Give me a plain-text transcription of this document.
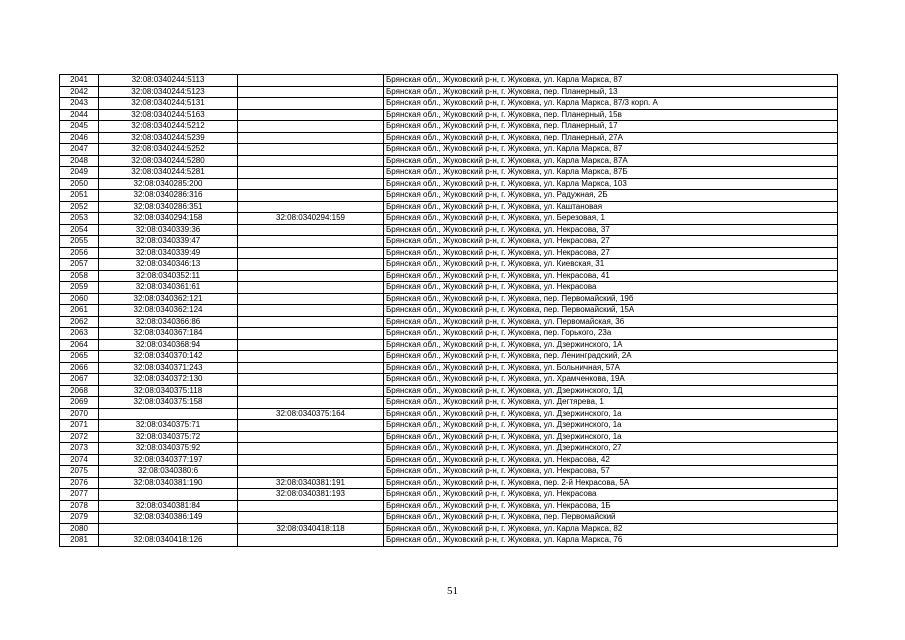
2041	32:08:0340244:5113		Брянская обл., Жуковский р-н, г. Жуковка, ул. Карла Маркса, 87
2042	32:08:0340244:5123		Брянская обл., Жуковский р-н, г. Жуковка, пер. Планерный, 13
2043	32:08:0340244:5131		Брянская обл., Жуковский р-н, г. Жуковка, ул. Карла Маркса, 87/3 корп. А
2044	32:08:0340244:5163		Брянская обл., Жуковский р-н, г. Жуковка, пер. Планерный, 15в
2045	32:08:0340244:5212		Брянская обл., Жуковский р-н, г. Жуковка, пер. Планерный, 17
2046	32:08:0340244:5239		Брянская обл., Жуковский р-н, г. Жуковка, пер. Планерный, 27А
2047	32:08:0340244:5252		Брянская обл., Жуковский р-н, г. Жуковка, ул. Карла Маркса, 87
2048	32:08:0340244:5280		Брянская обл., Жуковский р-н, г. Жуковка, ул. Карла Маркса, 87А
2049	32:08:0340244:5281		Брянская обл., Жуковский р-н, г. Жуковка, ул. Карла Маркса, 87Б
2050	32:08:0340285:200		Брянская обл., Жуковский р-н, г. Жуковка, ул. Карла Маркса, 103
2051	32:08:0340286:316		Брянская обл., Жуковский р-н, г. Жуковка, ул. Радужная, 2Б
2052	32:08:0340286:351		Брянская обл., Жуковский р-н, г. Жуковка, ул. Каштановая
2053	32:08:0340294:158	32:08:0340294:159	Брянская обл., Жуковский р-н, г. Жуковка, ул. Березовая, 1
2054	32:08:0340339:36		Брянская обл., Жуковский р-н, г. Жуковка, ул. Некрасова, 37
2055	32:08:0340339:47		Брянская обл., Жуковский р-н, г. Жуковка, ул. Некрасова, 27
2056	32:08:0340339:49		Брянская обл., Жуковский р-н, г. Жуковка, ул. Некрасова, 27
2057	32:08:0340346:13		Брянская обл., Жуковский р-н, г. Жуковка, ул. Киевская, 31
2058	32:08:0340352:11		Брянская обл., Жуковский р-н, г. Жуковка, ул. Некрасова, 41
2059	32:08:0340361:61		Брянская обл., Жуковский р-н, г. Жуковка, ул. Некрасова
2060	32:08:0340362:121		Брянская обл., Жуковский р-н, г. Жуковка, пер. Первомайский, 19б
2061	32:08:0340362:124		Брянская обл., Жуковский р-н, г. Жуковка, пер. Первомайский, 15А
2062	32:08:0340366:86		Брянская обл., Жуковский р-н, г. Жуковка, ул. Первомайская, 36
2063	32:08:0340367:184		Брянская обл., Жуковский р-н, г. Жуковка, пер. Горького, 23а
2064	32:08:0340368:94		Брянская обл., Жуковский р-н, г. Жуковка, ул. Дзержинского, 1А
2065	32:08:0340370:142		Брянская обл., Жуковский р-н, г. Жуковка, пер. Ленинградский, 2А
2066	32:08:0340371:243		Брянская обл., Жуковский р-н, г. Жуковка, ул. Больничная, 57А
2067	32:08:0340372:130		Брянская обл., Жуковский р-н, г. Жуковка, ул. Храмченкова, 19А
2068	32:08:0340375:118		Брянская обл., Жуковский р-н, г. Жуковка, ул. Дзержинского, 1Д
2069	32:08:0340375:158		Брянская обл., Жуковский р-н, г. Жуковка, ул. Дегтярева, 1
2070		32:08:0340375:164	Брянская обл., Жуковский р-н, г. Жуковка, ул. Дзержинского, 1а
2071	32:08:0340375:71		Брянская обл., Жуковский р-н, г. Жуковка, ул. Дзержинского, 1а
2072	32:08:0340375:72		Брянская обл., Жуковский р-н, г. Жуковка, ул. Дзержинского, 1а
2073	32:08:0340375:92		Брянская обл., Жуковский р-н, г. Жуковка, ул. Дзержинского, 27
2074	32:08:0340377:197		Брянская обл., Жуковский р-н, г. Жуковка, ул. Некрасова, 42
2075	32:08:0340380:6		Брянская обл., Жуковский р-н, г. Жуковка, ул. Некрасова, 57
2076	32:08:0340381:190	32:08:0340381:191	Брянская обл., Жуковский р-н, г. Жуковка, пер. 2-й Некрасова, 5А
2077		32:08:0340381:193	Брянская обл., Жуковский р-н, г. Жуковка, ул. Некрасова
2078	32:08:0340381:84		Брянская обл., Жуковский р-н, г. Жуковка, ул. Некрасова, 1Б
2079	32:08:0340386:149		Брянская обл., Жуковский р-н, г. Жуковка, пер. Первомайский
2080		32:08:0340418:118	Брянская обл., Жуковский р-н, г. Жуковка, ул. Карла Маркса, 82
2081	32:08:0340418:126		Брянская обл., Жуковский р-н, г. Жуковка, ул. Карла Маркса, 76
51
